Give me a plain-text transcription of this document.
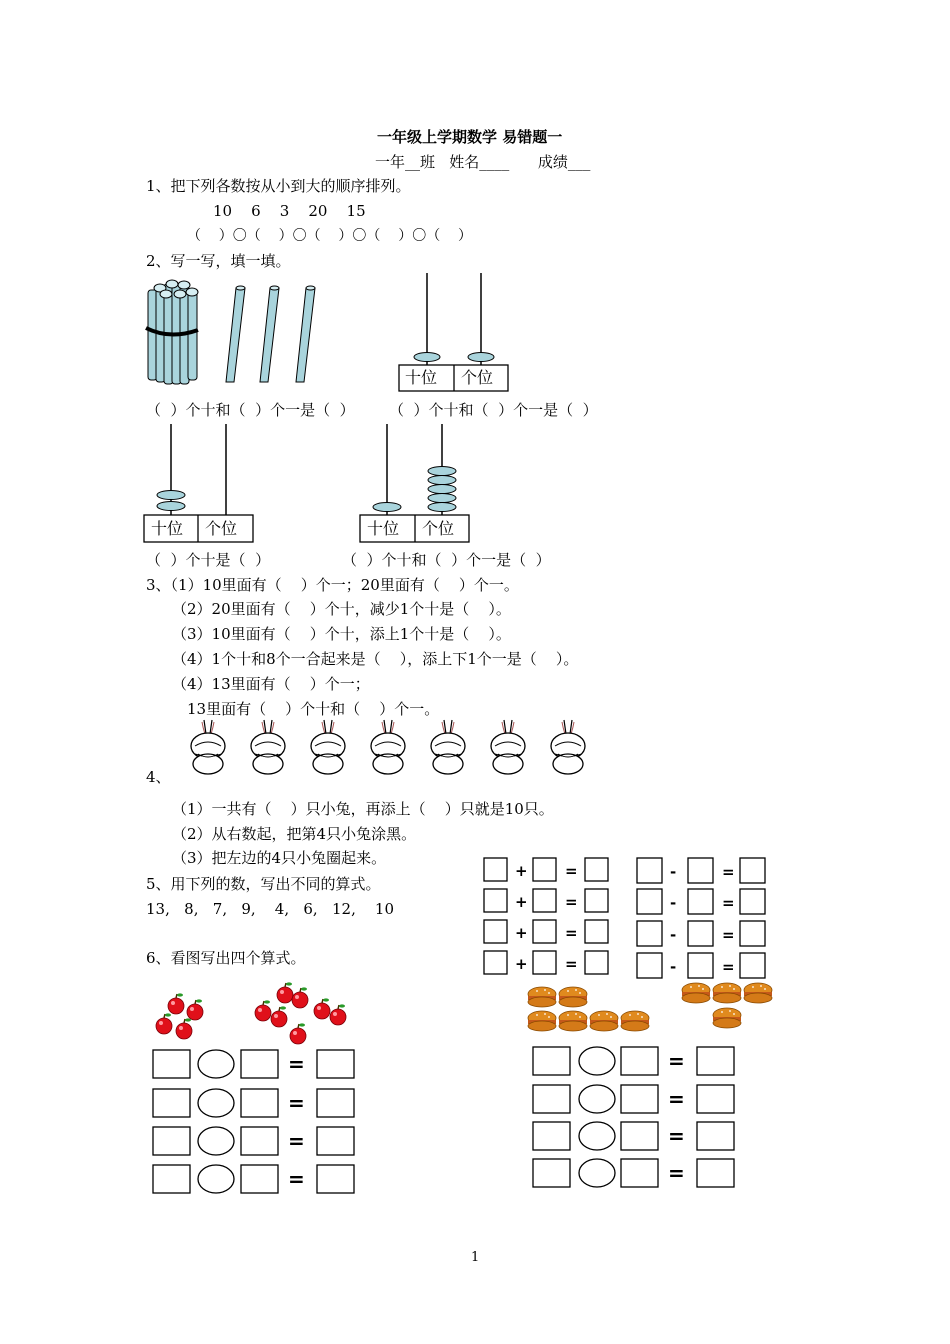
一年级上学期数学 易错题一
一年__班   姓名____      成绩___
1、把下列各数按从小到大的顺序排列。
10    6    3    20    15
（    ）〇（    ）〇（    ）〇（    ）〇（    ）
2、写一写，填一填。
十位 个位
十位 个位	十位 个位
（  ）个十和（  ）个一是（  ） （  ）个十和（  ）个一是（  ）
（  ）个十是（  ）	（  ）个十和（  ）个一是（  ）
3、（1）10里面有（    ）个一；20里面有（    ）个一。
（2）20里面有（    ）个十，减少1个十是（    ）。
（3）10里面有（    ）个十，添上1个十是（    ）。
（4）1个十和8个一合起来是（    ），添上下1个一是（    ）。
（4）13里面有（    ）个一；
13里面有（    ）个十和（    ）个一。
4、
（1）一共有（    ）只小兔，再添上（    ）只就是10只。
（2）从右数起，把第4只小兔涂黑。
（3）把左边的4只小兔圈起来。
5、用下列的数，写出不同的算式。
13,   8,   7,   9,    4,   6,   12,    10
+
+
+
+
=
=
=
=
-
-
-
-
=
=
=
=
6、看图写出四个算式。
=
=
=
=
=
=
=
=
1
